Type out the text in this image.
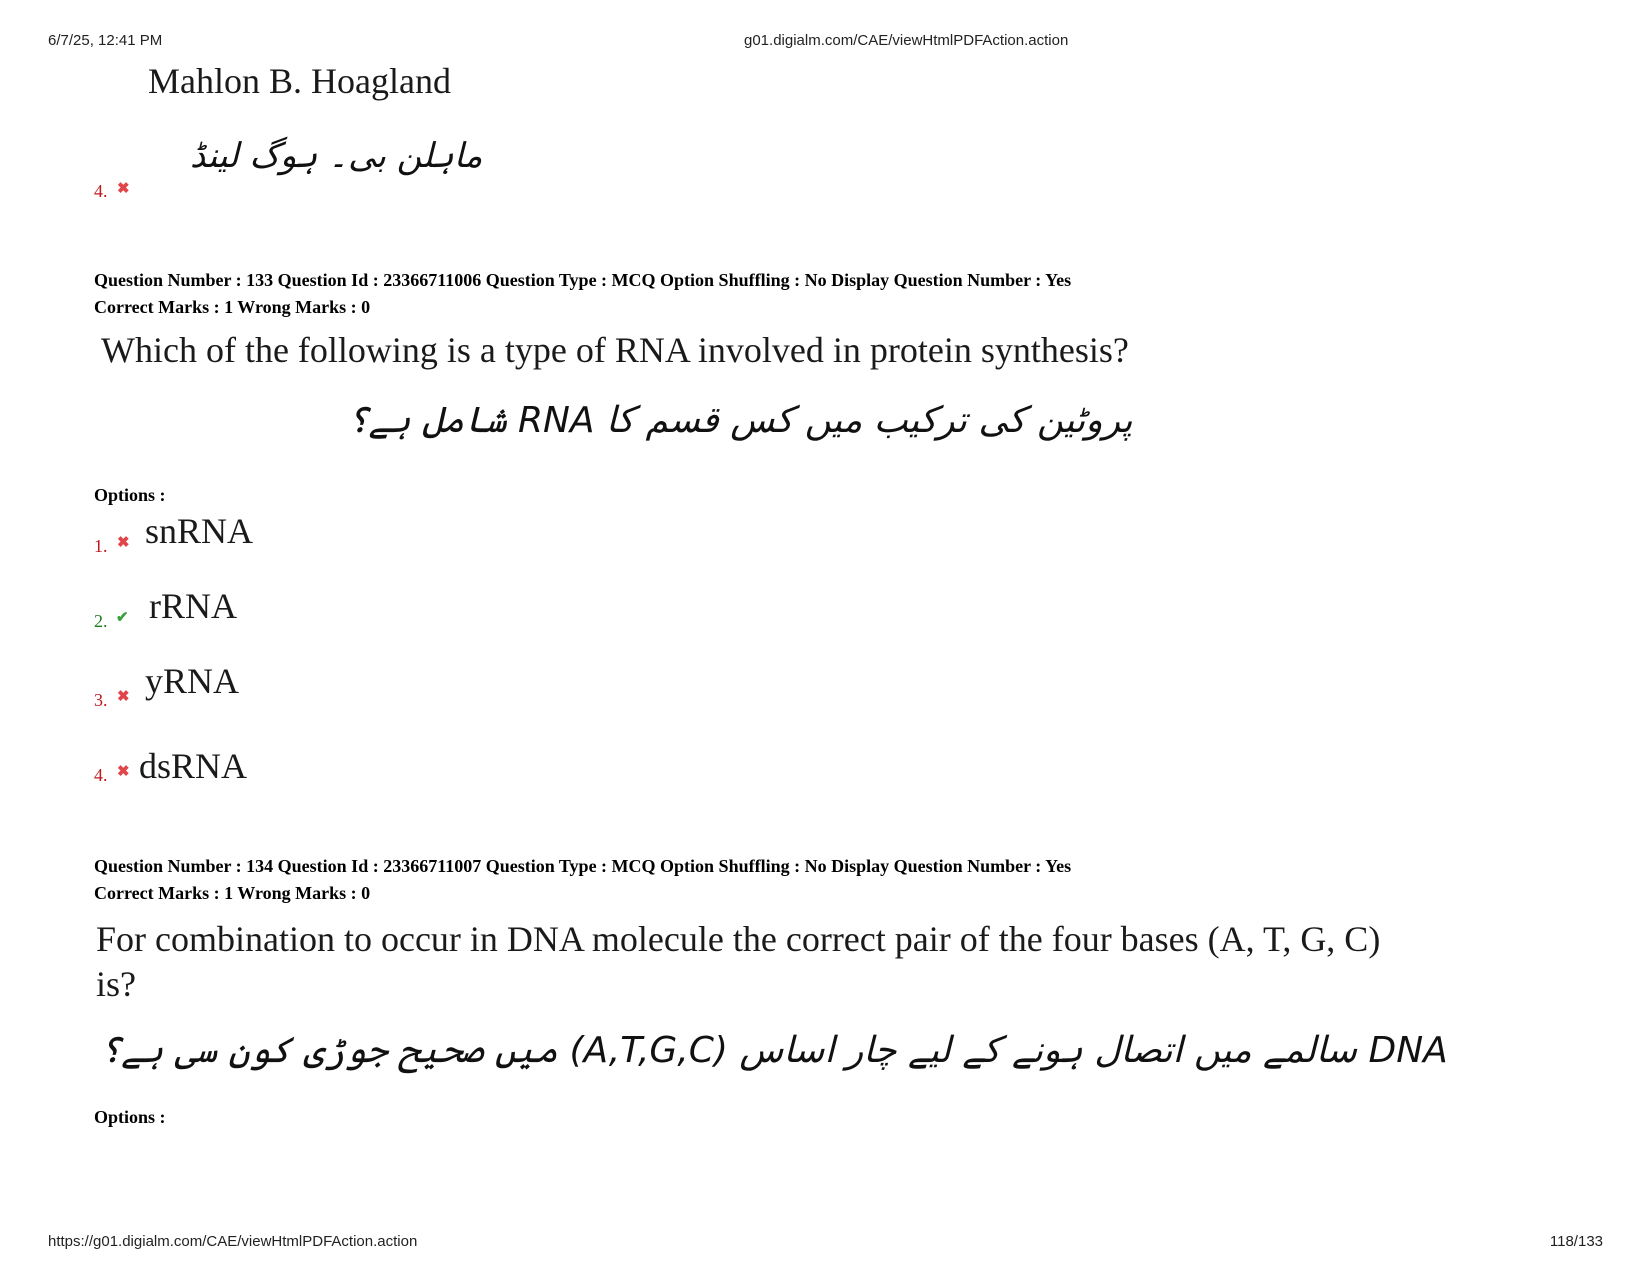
6/7/25, 12:41 PM	g01.digialm.com/CAE/viewHtmlPDFAction.action
Mahlon B. Hoagland
4. ✖
ماہلن بی۔ ہوگ لینڈ
Question Number : 133 Question Id : 23366711006 Question Type : MCQ Option Shuffling : No Display Question Number : Yes
Correct Marks : 1 Wrong Marks : 0
Which of the following is a type of RNA involved in protein synthesis?
پروٹین کی ترکیب میں کس قسم کا RNA شامل ہے؟
Options :
1. ✖ snRNA
2. ✔ rRNA
3. ✖ yRNA
4. ✖ dsRNA
Question Number : 134 Question Id : 23366711007 Question Type : MCQ Option Shuffling : No Display Question Number : Yes
Correct Marks : 1 Wrong Marks : 0
For combination to occur in DNA molecule the correct pair of the four bases (A, T, G, C)
is?
DNA سالمے میں اتصال ہونے کے لیے چار اساس (A,T,G,C) میں صحیح جوڑی کون سی ہے؟
Options :
https://g01.digialm.com/CAE/viewHtmlPDFAction.action	118/133
